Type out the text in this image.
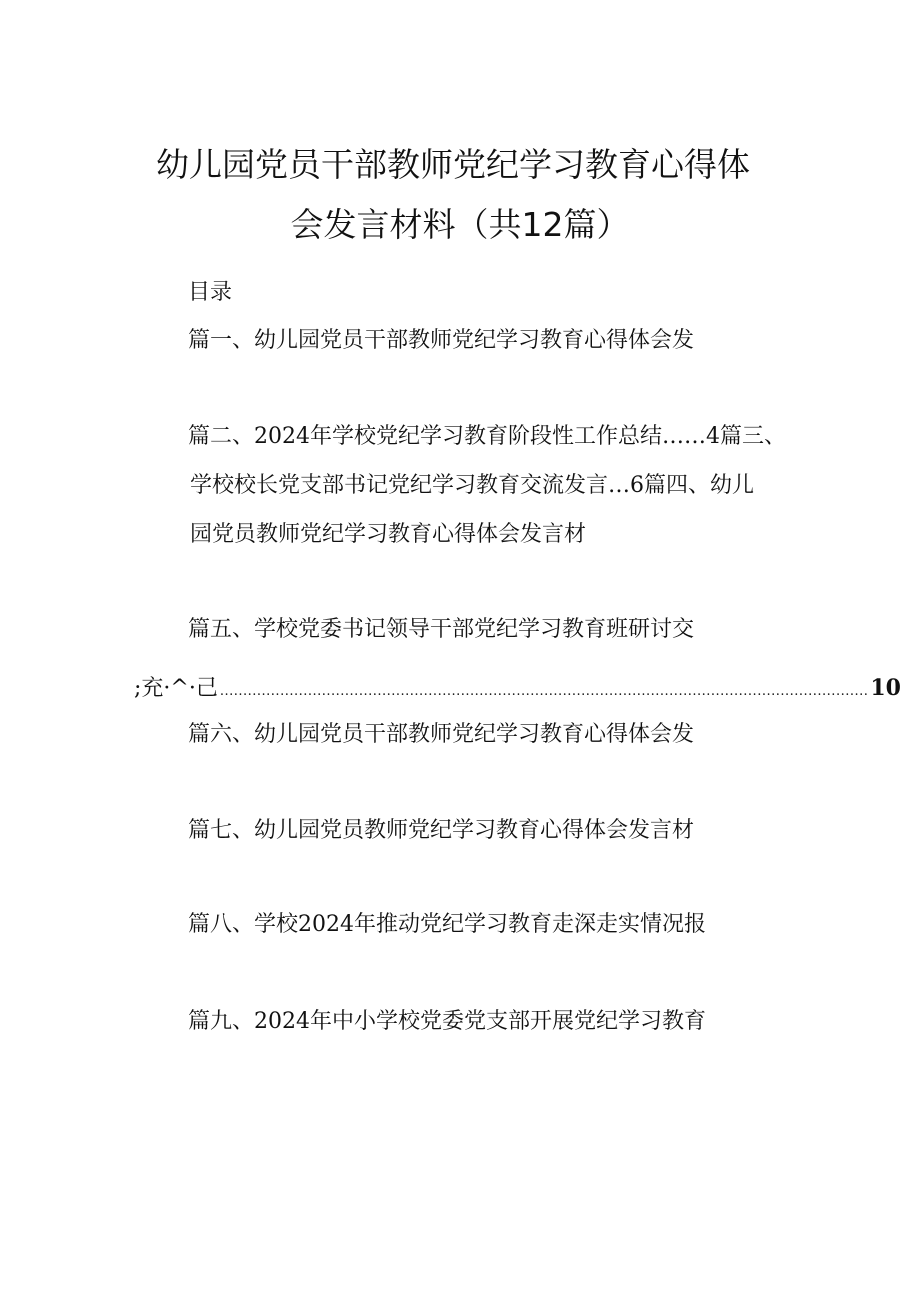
幼儿园党员干部教师党纪学习教育心得体
会发言材料（共12篇）
目录
篇一、幼儿园党员干部教师党纪学习教育心得体会发
篇二、2024年学校党纪学习教育阶段性工作总结……4篇三、
学校校长党支部书记党纪学习教育交流发言…6篇四、幼儿
园党员教师党纪学习教育心得体会发言材
篇五、学校党委书记领导干部党纪学习教育班研讨交
;充·^·己 ............................................................................................................................................ 10
篇六、幼儿园党员干部教师党纪学习教育心得体会发
篇七、幼儿园党员教师党纪学习教育心得体会发言材
篇八、学校2024年推动党纪学习教育走深走实情况报
篇九、2024年中小学校党委党支部开展党纪学习教育
